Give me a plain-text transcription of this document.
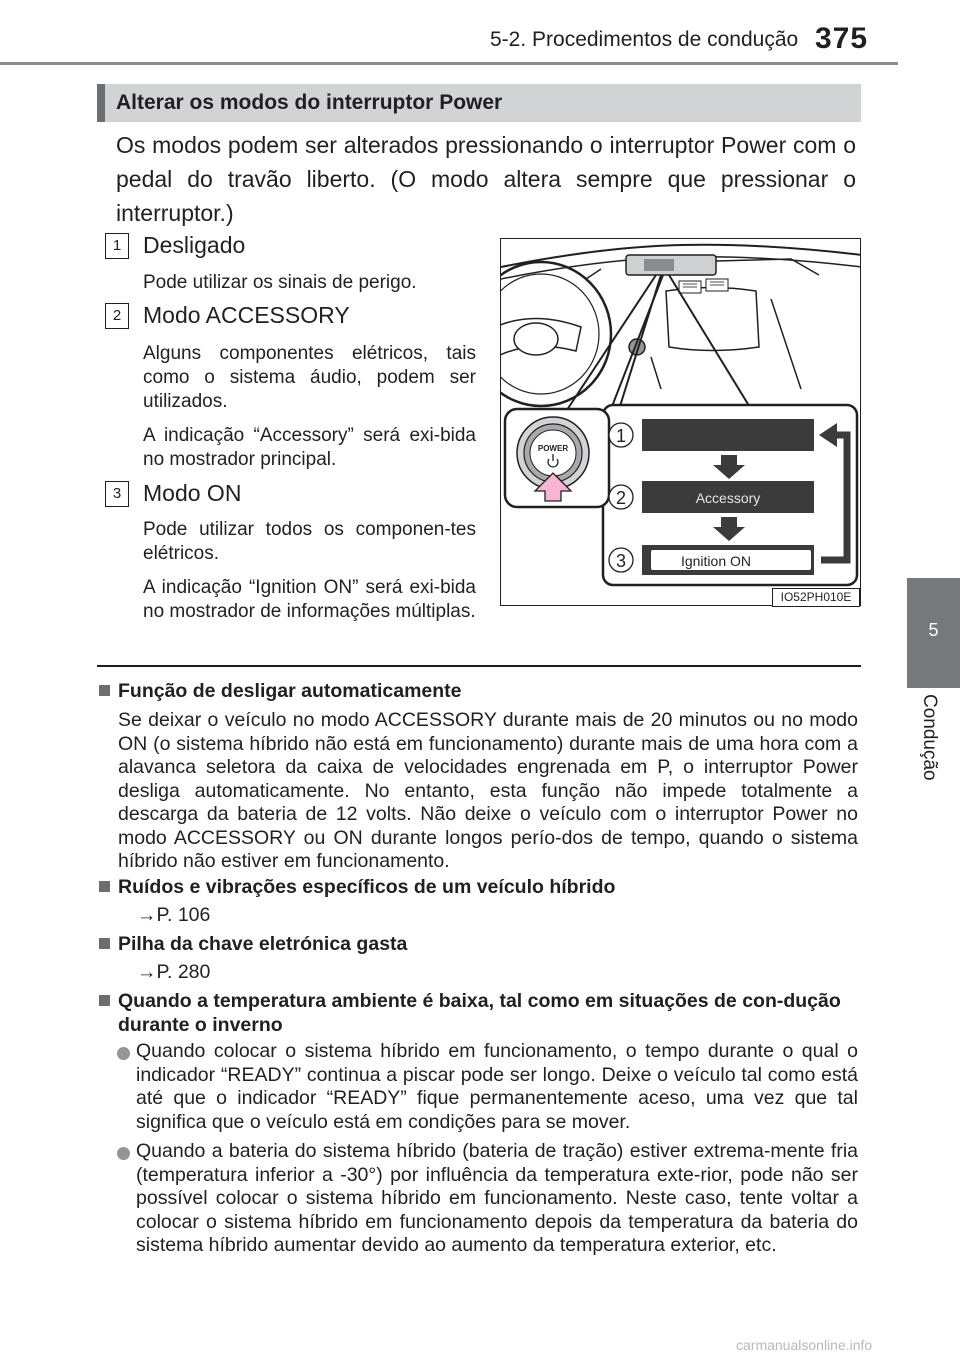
5-2. Procedimentos de condução 375
5
Condução
Alterar os modos do interruptor Power
Os modos podem ser alterados pressionando o interruptor Power com o pedal do travão liberto. (O modo altera sempre que pressionar o interruptor.)
1 Desligado
Pode utilizar os sinais de perigo.
2 Modo ACCESSORY
Alguns componentes elétricos, tais como o sistema áudio, podem ser utilizados.
A indicação “Accessory” será exi-bida no mostrador principal.
3 Modo ON
Pode utilizar todos os componen-tes elétricos.
A indicação “Ignition ON” será exi-bida no mostrador de informações múltiplas.
POWER
Accessory
Ignition ON
1
2
3
IO52PH010E
Função de desligar automaticamente
Se deixar o veículo no modo ACCESSORY durante mais de 20 minutos ou no modo ON (o sistema híbrido não está em funcionamento) durante mais de uma hora com a alavanca seletora da caixa de velocidades engrenada em P, o interruptor Power desliga automaticamente. No entanto, esta função não impede totalmente a descarga da bateria de 12 volts. Não deixe o veículo com o interruptor Power no modo ACCESSORY ou ON durante longos perío-dos de tempo, quando o sistema híbrido não estiver em funcionamento.
Ruídos e vibrações específicos de um veículo híbrido
→P. 106
Pilha da chave eletrónica gasta
→P. 280
Quando a temperatura ambiente é baixa, tal como em situações de con-dução durante o inverno
Quando colocar o sistema híbrido em funcionamento, o tempo durante o qual o indicador “READY” continua a piscar pode ser longo. Deixe o veículo tal como está até que o indicador “READY” fique permanentemente aceso, uma vez que tal significa que o veículo está em condições para se mover.
Quando a bateria do sistema híbrido (bateria de tração) estiver extrema-mente fria (temperatura inferior a -30°) por influência da temperatura exte-rior, pode não ser possível colocar o sistema híbrido em funcionamento. Neste caso, tente voltar a colocar o sistema híbrido em funcionamento depois da temperatura da bateria do sistema híbrido aumentar devido ao aumento da temperatura exterior, etc.
carmanualsonline.info
